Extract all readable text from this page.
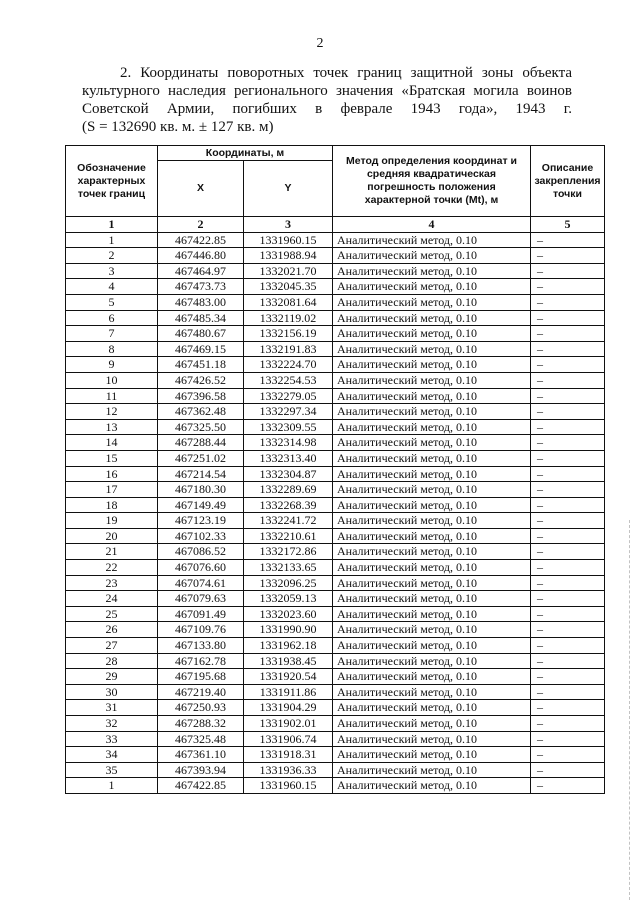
2
2. Координаты поворотных точек границ защитной зоны объекта
культурного наследия регионального значения «Братская могила воинов
Советской Армии, погибших в феврале 1943 года», 1943 г.
(S = 132690 кв. м. ± 127 кв. м)
Обозначение характерных точек границ	Координаты, м		Метод определения координат и средняя квадратическая погрешность положения характерной точки (Mt), м	Описание закрепления точки
	X	Y		
1	2	3	4	5
1	467422.85	1331960.15	Аналитический метод, 0.10	–
2	467446.80	1331988.94	Аналитический метод, 0.10	–
3	467464.97	1332021.70	Аналитический метод, 0.10	–
4	467473.73	1332045.35	Аналитический метод, 0.10	–
5	467483.00	1332081.64	Аналитический метод, 0.10	–
6	467485.34	1332119.02	Аналитический метод, 0.10	–
7	467480.67	1332156.19	Аналитический метод, 0.10	–
8	467469.15	1332191.83	Аналитический метод, 0.10	–
9	467451.18	1332224.70	Аналитический метод, 0.10	–
10	467426.52	1332254.53	Аналитический метод, 0.10	–
11	467396.58	1332279.05	Аналитический метод, 0.10	–
12	467362.48	1332297.34	Аналитический метод, 0.10	–
13	467325.50	1332309.55	Аналитический метод, 0.10	–
14	467288.44	1332314.98	Аналитический метод, 0.10	–
15	467251.02	1332313.40	Аналитический метод, 0.10	–
16	467214.54	1332304.87	Аналитический метод, 0.10	–
17	467180.30	1332289.69	Аналитический метод, 0.10	–
18	467149.49	1332268.39	Аналитический метод, 0.10	–
19	467123.19	1332241.72	Аналитический метод, 0.10	–
20	467102.33	1332210.61	Аналитический метод, 0.10	–
21	467086.52	1332172.86	Аналитический метод, 0.10	–
22	467076.60	1332133.65	Аналитический метод, 0.10	–
23	467074.61	1332096.25	Аналитический метод, 0.10	–
24	467079.63	1332059.13	Аналитический метод, 0.10	–
25	467091.49	1332023.60	Аналитический метод, 0.10	–
26	467109.76	1331990.90	Аналитический метод, 0.10	–
27	467133.80	1331962.18	Аналитический метод, 0.10	–
28	467162.78	1331938.45	Аналитический метод, 0.10	–
29	467195.68	1331920.54	Аналитический метод, 0.10	–
30	467219.40	1331911.86	Аналитический метод, 0.10	–
31	467250.93	1331904.29	Аналитический метод, 0.10	–
32	467288.32	1331902.01	Аналитический метод, 0.10	–
33	467325.48	1331906.74	Аналитический метод, 0.10	–
34	467361.10	1331918.31	Аналитический метод, 0.10	–
35	467393.94	1331936.33	Аналитический метод, 0.10	–
1	467422.85	1331960.15	Аналитический метод, 0.10	–
